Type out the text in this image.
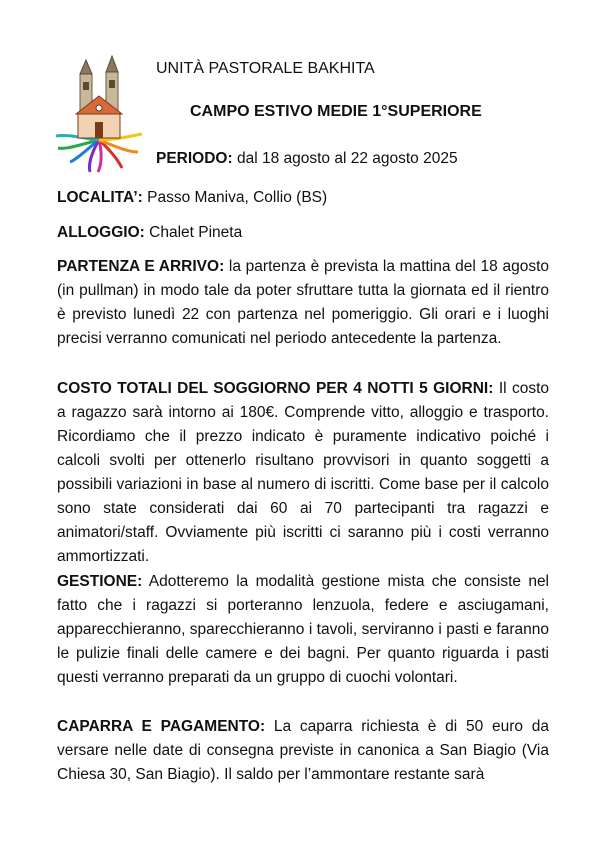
UNITÀ PASTORALE BAKHITA
CAMPO ESTIVO MEDIE 1°SUPERIORE
PERIODO: dal 18 agosto al 22 agosto 2025
LOCALITA’: Passo Maniva, Collio (BS)
ALLOGGIO: Chalet Pineta
PARTENZA E ARRIVO: la partenza è prevista la mattina del 18 agosto (in pullman) in modo tale da poter sfruttare tutta la giornata ed il rientro è previsto lunedì 22 con partenza nel pomeriggio. Gli orari e i luoghi precisi verranno comunicati nel periodo antecedente la partenza.
COSTO TOTALI DEL SOGGIORNO PER 4 NOTTI 5 GIORNI: Il costo a ragazzo sarà intorno ai 180€. Comprende vitto, alloggio e trasporto. Ricordiamo che il prezzo indicato è puramente indicativo poiché i calcoli svolti per ottenerlo risultano provvisori in quanto soggetti a possibili variazioni in base al numero di iscritti. Come base per il calcolo sono state considerati dai 60 ai 70 partecipanti tra ragazzi e animatori/staff. Ovviamente più iscritti ci saranno più i costi verranno ammortizzati.
GESTIONE: Adotteremo la modalità gestione mista che consiste nel fatto che i ragazzi si porteranno lenzuola, federe e asciugamani, apparecchieranno, sparecchieranno i tavoli, serviranno i pasti e faranno le pulizie finali delle camere e dei bagni. Per quanto riguarda i pasti questi verranno preparati da un gruppo di cuochi volontari.
CAPARRA E PAGAMENTO: La caparra richiesta è di 50 euro da versare nelle date di consegna previste in canonica a San Biagio (Via Chiesa 30, San Biagio). Il saldo per l’ammontare restante sarà
